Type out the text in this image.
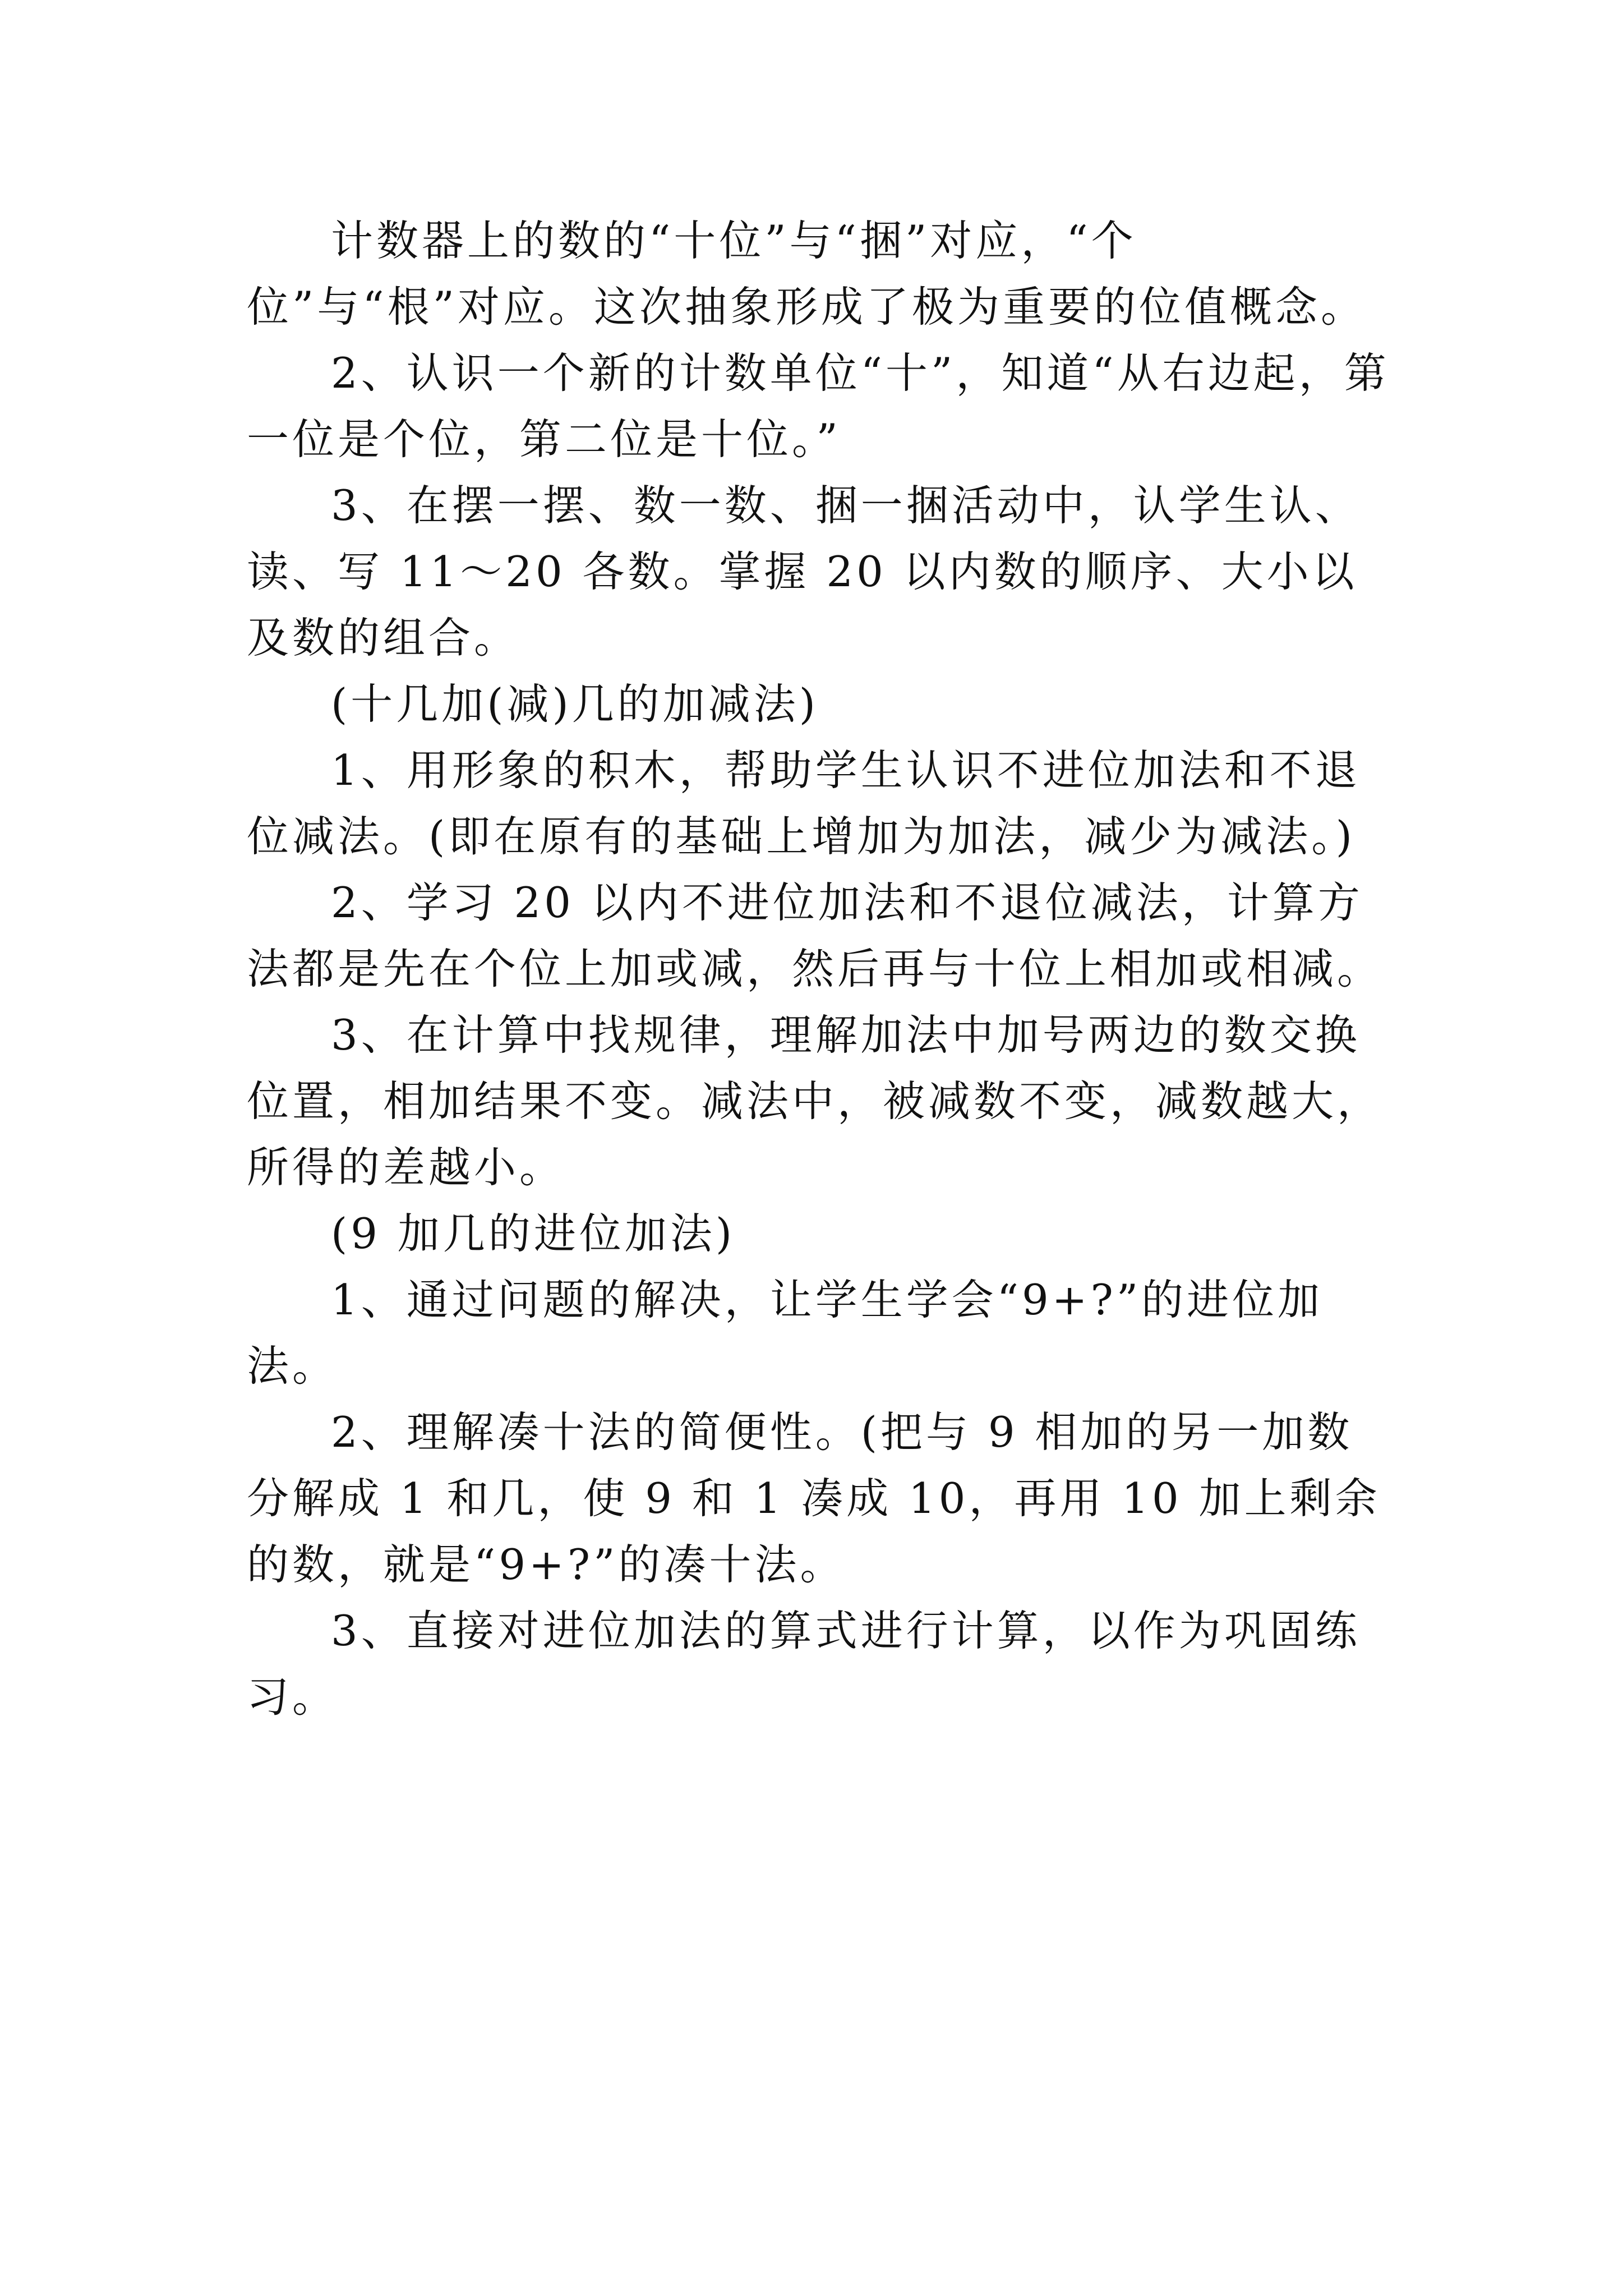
计数器上的数的“十位”与“捆”对应，“个位”与“根”对应。这次抽象形成了极为重要的位值概念。

2、认识一个新的计数单位“十”，知道“从右边起，第一位是个位，第二位是十位。”

3、在摆一摆、数一数、捆一捆活动中，认学生认、读、写 11～20 各数。掌握 20 以内数的顺序、大小以及数的组合。

(十几加(减)几的加减法)

1、用形象的积木，帮助学生认识不进位加法和不退位减法。(即在原有的基础上增加为加法，减少为减法。)

2、学习 20 以内不进位加法和不退位减法，计算方法都是先在个位上加或减，然后再与十位上相加或相减。

3、在计算中找规律，理解加法中加号两边的数交换位置，相加结果不变。减法中，被减数不变，减数越大，所得的差越小。

(9 加几的进位加法)

1、通过问题的解决，让学生学会“9+?”的进位加法。

2、理解凑十法的简便性。(把与 9 相加的另一加数分解成 1 和几，使 9 和 1 凑成 10，再用 10 加上剩余的数，就是“9+?”的凑十法。

3、直接对进位加法的算式进行计算，以作为巩固练习。
